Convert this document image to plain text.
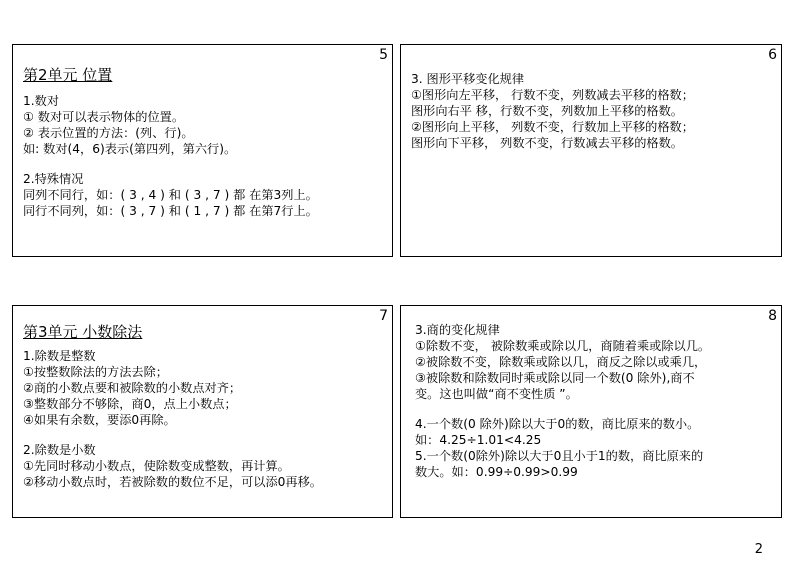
5
第2单元 位置
1.数对
① 数对可以表示物体的位置。
② 表示位置的方法：(列、行)。
如: 数对(4，6)表示(第四列，第六行)。
2.特殊情况
同列不同行，如：( 3 , 4 ) 和 ( 3 , 7 ) 都 在第3列上。
同行不同列，如：( 3 , 7 ) 和 ( 1 , 7 ) 都 在第7行上。
6
3. 图形平移变化规律
①图形向左平移， 行数不变，列数减去平移的格数；
图形向右平 移，行数不变，列数加上平移的格数。
②图形向上平移， 列数不变，行数加上平移的格数；
图形向下平移， 列数不变，行数减去平移的格数。
7
第3单元 小数除法
1.除数是整数
①按整数除法的方法去除；
②商的小数点要和被除数的小数点对齐；
③整数部分不够除，商0，点上小数点；
④如果有余数，要添0再除。
2.除数是小数
①先同时移动小数点，使除数变成整数，再计算。
②移动小数点时，若被除数的数位不足，可以添0再移。
8
3.商的变化规律
①除数不变， 被除数乘或除以几，商随着乘或除以几。
②被除数不变，除数乘或除以几，商反之除以或乘几，
③被除数和除数同时乘或除以同一个数(0 除外),商不
变。这也叫做“商不变性质 ”。
4.一个数(0 除外)除以大于0的数，商比原来的数小。
如：4.25÷1.01<4.25
5.一个数(0除外)除以大于0且小于1的数，商比原来的
数大。如：0.99÷0.99>0.99
2
